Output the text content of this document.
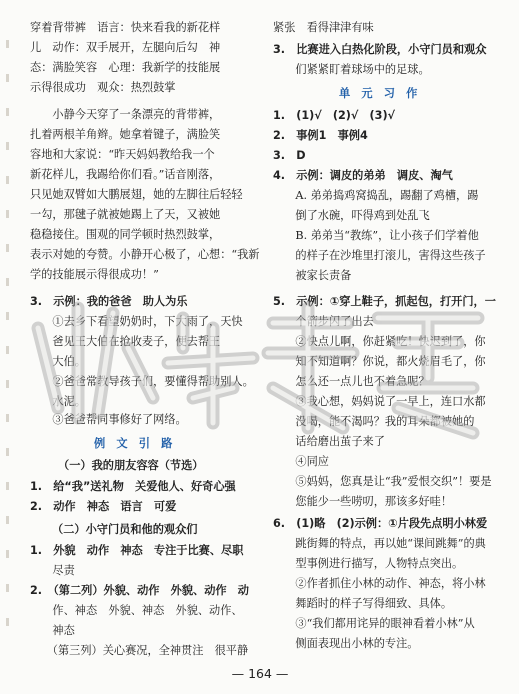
穿着背带裤　语言：快来看我的新花样
儿　动作：双手展开，左腿向后勾　神
态：满脸笑容　心理：我新学的技能展
示得很成功　观众：热烈鼓掌
　　小静今天穿了一条漂亮的背带裤，
扎着两根羊角辫。她拿着键子，满脸笑
容地和大家说：“昨天妈妈教给我一个
新花样儿，我踢给你们看。”话音刚落，
只见她双臂如大鹏展翅，她的左脚往后轻轻
一勾，那毽子就被她踢上了天，又被她
稳稳接住。围观的同学顿时热烈鼓掌，
表示对她的夸赞。小静开心极了，心想：“我新
学的技能展示得很成功！”
3.　示例：我的爸爸　助人为乐
　　①去乡下看望奶奶时，下大雨了，天快
　　爸见王大伯在抢收麦子，便去帮王
　　大伯。
　　②爸爸常教导孩子们，要懂得帮助别人。
　　水泥。
　　③爸爸帮同事修好了网络。
例　文　引　路
（一）我的朋友容容（节选）
1.　给“我”送礼物　关爱他人、好奇心强
2.　动作　神态　语言　可爱
（二）小守门员和他的观众们
1.　外貌　动作　神态　专注于比赛、尽职
　　尽责
2.　（第二列）外貌、动作　外貌、动作　动
　　作、神态　外貌、神态　外貌、动作、
　　神态
　　（第三列）关心赛况，全神贯注　很平静
紧张　看得津津有味
3.　比赛进入白热化阶段，小守门员和观众
　　们紧紧盯着球场中的足球。
单　元　习　作
1.　(1)√　(2)√　(3)√
2.　事例1　事例4
3.　D
4.　示例：调皮的弟弟　调皮、淘气
　　A. 弟弟捣鸡窝捣乱，踢翻了鸡槽，踢
　　倒了水碗，吓得鸡到处乱飞
　　B. 弟弟当“教练”，让小孩子们学着他
　　的样子在沙堆里打滚儿，害得这些孩子
　　被家长责备
5.　示例：①穿上鞋子，抓起包，打开门，一
　　个箭步闪了出去
　　②快点儿啊，你赶紧吃！快迟到了，你
　　知不知道啊？你说，都火烧眉毛了，你
　　怎么还一点儿也不着急呢？
　　③我心想，妈妈说了一早上，连口水都
　　没喝，能不渴吗？我的耳朵都被她的
　　话给磨出茧子来了
　　④同应
　　⑤妈妈，您真是让“我”爱恨交织”！要是
　　您能少一些唠叨，那该多好哇！
6.　(1)略　(2)示例：①片段先点明小林爱
　　跳街舞的特点，再以她“课间跳舞”的典
　　型事例进行描写，人物特点突出。
　　②作者抓住小林的动作、神态，将小林
　　舞蹈时的样子写得细致、具体。
　　③“我们都用诧异的眼神看着小林”从
　　侧面表现出小林的专注。
— 164 —
